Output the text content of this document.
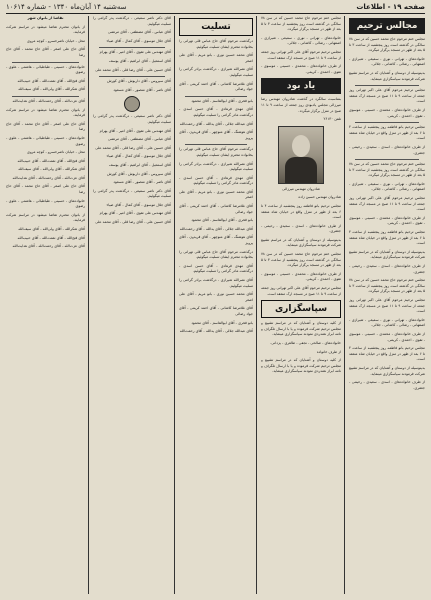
صفحه ۱۹ - اطلاعات
سه‌شنبه ۱۴ آبان‌ماه ۱۳۴۰ - شماره ۱۰۶۱۴
مجالس ترحیم
مجلس ختم مرحوم حاج محمد حسین که در سن ۷۸ سالگی در گذشته است روز پنجشنبه از ساعت ۳ تا ۵ بعد از ظهر در مسجد برگزار میگردد.
خانواده‌های - تهرانی - نوری - سمیعی - شیرازی - اصفهانی - رضائی - کاشانی - جلالی.
بدینوسیله از دوستان و آشنایان که در مراسم تشییع شرکت فرمودند سپاسگزاری مینماید.
مجلس ترحیم مرحوم آقای علی اکبر تهرانی روز جمعه از ساعت ۹ تا ۱۱ صبح در مسجد ارک منعقد است.
از طرف خانواده‌های - محمدی - حسینی - موسوی - تقوی - احمدی - کریمی.
مجلس ترحیم بانو فاطمه روز پنجشنبه از ساعت ۴ تا ۶ بعد از ظهر در منزل واقع در خیابان شاه منعقد است.
از طرف خانواده‌های - اسدی - سعیدی - رحیمی - جعفری.
مجلس ختم مرحوم حاج محمد حسین که در سن ۷۸ سالگی در گذشته است روز پنجشنبه از ساعت ۳ تا ۵ بعد از ظهر در مسجد برگزار میگردد.
خانواده‌های - تهرانی - نوری - سمیعی - شیرازی - اصفهانی - رضائی - کاشانی - جلالی.
مجلس ترحیم مرحوم آقای علی اکبر تهرانی روز جمعه از ساعت ۹ تا ۱۱ صبح در مسجد ارک منعقد است.
از طرف خانواده‌های - محمدی - حسینی - موسوی - تقوی - احمدی - کریمی.
مجلس ترحیم بانو فاطمه روز پنجشنبه از ساعت ۴ تا ۶ بعد از ظهر در منزل واقع در خیابان شاه منعقد است.
بدینوسیله از دوستان و آشنایان که در مراسم تشییع شرکت فرمودند سپاسگزاری مینماید.
از طرف خانواده‌های - اسدی - سعیدی - رحیمی - جعفری.
مجلس ختم مرحوم حاج محمد حسین که در سن ۷۸ سالگی در گذشته است روز پنجشنبه از ساعت ۳ تا ۵ بعد از ظهر در مسجد برگزار میگردد.
مجلس ترحیم مرحوم آقای علی اکبر تهرانی روز جمعه از ساعت ۹ تا ۱۱ صبح در مسجد ارک منعقد است.
خانواده‌های - تهرانی - نوری - سمیعی - شیرازی - اصفهانی - رضائی - کاشانی - جلالی.
از طرف خانواده‌های - محمدی - حسینی - موسوی - تقوی - احمدی - کریمی.
مجلس ترحیم بانو فاطمه روز پنجشنبه از ساعت ۴ تا ۶ بعد از ظهر در منزل واقع در خیابان شاه منعقد است.
بدینوسیله از دوستان و آشنایان که در مراسم تشییع شرکت فرمودند سپاسگزاری مینماید.
از طرف خانواده‌های - اسدی - سعیدی - رحیمی - جعفری.
مجلس ختم مرحوم حاج محمد حسین که در سن ۷۸ سالگی در گذشته است روز پنجشنبه از ساعت ۳ تا ۵ بعد از ظهر در مسجد برگزار میگردد.
خانواده‌های - تهرانی - نوری - سمیعی - شیرازی - اصفهانی - رضائی - کاشانی - جلالی.
مجلس ترحیم مرحوم آقای علی اکبر تهرانی روز جمعه از ساعت ۹ تا ۱۱ صبح در مسجد ارک منعقد است.
از طرف خانواده‌های - محمدی - حسینی - موسوی - تقوی - احمدی - کریمی.
یاد بود
بمناسبت سالگرد در گذشت شادروان مهندس رضا میرزائی مجلس یادبودی روز جمعه از ساعت ۹ تا ۱۱ صبح در منزل برگزار میگردد.
تلفن ۲۶۱۳۰
شادروان مهندس میرزائی
شادروان مهندس حسین زاده
مجلس ترحیم بانو فاطمه روز پنجشنبه از ساعت ۴ تا ۶ بعد از ظهر در منزل واقع در خیابان شاه منعقد است.
از طرف خانواده‌های - اسدی - سعیدی - رحیمی - جعفری.
بدینوسیله از دوستان و آشنایان که در مراسم تشییع شرکت فرمودند سپاسگزاری مینماید.
مجلس ختم مرحوم حاج محمد حسین که در سن ۷۸ سالگی در گذشته است روز پنجشنبه از ساعت ۳ تا ۵ بعد از ظهر در مسجد برگزار میگردد.
از طرف خانواده‌های - محمدی - حسینی - موسوی - تقوی - احمدی - کریمی.
مجلس ترحیم مرحوم آقای علی اکبر تهرانی روز جمعه از ساعت ۹ تا ۱۱ صبح در مسجد ارک منعقد است.
سپاسگزاری
از کلیه دوستان و آشنایان که در مراسم تشییع و مجلس ترحیم شرکت فرموده و یا با ارسال تلگراف و نامه ابراز همدردی نمودند سپاسگزاری مینماید.
خانواده‌های - صالحی - نجفی - طاهری - یزدانی.
از طرف خانواده
از کلیه دوستان و آشنایان که در مراسم تشییع و مجلس ترحیم شرکت فرموده و یا با ارسال تلگراف و نامه ابراز همدردی نمودند سپاسگزاری مینماید.
تسلیت
درگذشت مرحوم آقای حاج عباس قلی تهرانی را بخانواده محترم ایشان تسلیت میگوئیم.
آقای محمد حسین نوری - بانو مریم - آقای علی اصغر
آقای نصرالله شیرازی - درگذشت برادر گرامی را تسلیت میگوئیم.
آقای غلامرضا کاشانی - آقای احمد کریمی - آقای جواد رضائی
بانو فخری - آقای ابوالقاسم - آقای محمود
آقای مهدی فرهادی - آقای حسن اسدی - درگذشت مادر گرامی را تسلیت میگوئیم.
آقای عبدالله جلالی - آقای یدالله - آقای رحمت‌الله
آقای هوشنگ - آقای منوچهر - آقای فریدون - آقای پرویز
درگذشت مرحوم آقای حاج عباس قلی تهرانی را بخانواده محترم ایشان تسلیت میگوئیم.
آقای نصرالله شیرازی - درگذشت برادر گرامی را تسلیت میگوئیم.
آقای مهدی فرهادی - آقای حسن اسدی - درگذشت مادر گرامی را تسلیت میگوئیم.
آقای محمد حسین نوری - بانو مریم - آقای علی اصغر
آقای غلامرضا کاشانی - آقای احمد کریمی - آقای جواد رضائی
بانو فخری - آقای ابوالقاسم - آقای محمود
آقای عبدالله جلالی - آقای یدالله - آقای رحمت‌الله
آقای هوشنگ - آقای منوچهر - آقای فریدون - آقای پرویز
درگذشت مرحوم آقای حاج عباس قلی تهرانی را بخانواده محترم ایشان تسلیت میگوئیم.
آقای مهدی فرهادی - آقای حسن اسدی - درگذشت مادر گرامی را تسلیت میگوئیم.
آقای نصرالله شیرازی - درگذشت برادر گرامی را تسلیت میگوئیم.
آقای محمد حسین نوری - بانو مریم - آقای علی اصغر
آقای غلامرضا کاشانی - آقای احمد کریمی - آقای جواد رضائی
بانو فخری - آقای ابوالقاسم - آقای محمود
آقای عبدالله جلالی - آقای یدالله - آقای رحمت‌الله
آقای دکتر ناصر سمیعی - درگذشت پدر گرامی را تسلیت میگوئیم.
آقای عباس - آقای مصطفی - آقای مرتضی
آقای جلال موسوی - آقای کمال - آقای ضیاء
آقای مهندس علی تقوی - آقای امیر - آقای بهرام
آقای اسمعیل - آقای ابراهیم - آقای یوسف
آقای حسین علی - آقای رضا قلی - آقای محمد علی
آقای سیروس - آقای داریوش - آقای کورش
آقای ناصر - آقای منصور - آقای مسعود
آقای دکتر ناصر سمیعی - درگذشت پدر گرامی را تسلیت میگوئیم.
آقای مهندس علی تقوی - آقای امیر - آقای بهرام
آقای عباس - آقای مصطفی - آقای مرتضی
آقای حسین علی - آقای رضا قلی - آقای محمد علی
آقای جلال موسوی - آقای کمال - آقای ضیاء
آقای اسمعیل - آقای ابراهیم - آقای یوسف
آقای سیروس - آقای داریوش - آقای کورش
آقای ناصر - آقای منصور - آقای مسعود
آقای دکتر ناصر سمیعی - درگذشت پدر گرامی را تسلیت میگوئیم.
آقای جلال موسوی - آقای کمال - آقای ضیاء
آقای مهندس علی تقوی - آقای امیر - آقای بهرام
آقای حسین علی - آقای رضا قلی - آقای محمد علی
تقاضا از بانوان شهر
از بانوان محترم تقاضا میشود در مراسم شرکت فرمایند.
محل - خیابان ناصرخسرو - کوچه مروی
آقای حاج علی اصغر - آقای حاج محمد - آقای حاج رضا
خانواده‌های - حسینی - طباطبائی - هاشمی - علوی - رضوی
آقای فتح‌الله - آقای نعمت‌الله - آقای حبیب‌الله
آقای شکرالله - آقای ولی‌الله - آقای سیف‌الله
آقای عزت‌الله - آقای رحمت‌الله - آقای هدایت‌الله
از بانوان محترم تقاضا میشود در مراسم شرکت فرمایند.
آقای حاج علی اصغر - آقای حاج محمد - آقای حاج رضا
خانواده‌های - حسینی - طباطبائی - هاشمی - علوی - رضوی
محل - خیابان ناصرخسرو - کوچه مروی
آقای فتح‌الله - آقای نعمت‌الله - آقای حبیب‌الله
آقای شکرالله - آقای ولی‌الله - آقای سیف‌الله
آقای عزت‌الله - آقای رحمت‌الله - آقای هدایت‌الله
آقای حاج علی اصغر - آقای حاج محمد - آقای حاج رضا
خانواده‌های - حسینی - طباطبائی - هاشمی - علوی - رضوی
از بانوان محترم تقاضا میشود در مراسم شرکت فرمایند.
آقای شکرالله - آقای ولی‌الله - آقای سیف‌الله
آقای فتح‌الله - آقای نعمت‌الله - آقای حبیب‌الله
آقای عزت‌الله - آقای رحمت‌الله - آقای هدایت‌الله
